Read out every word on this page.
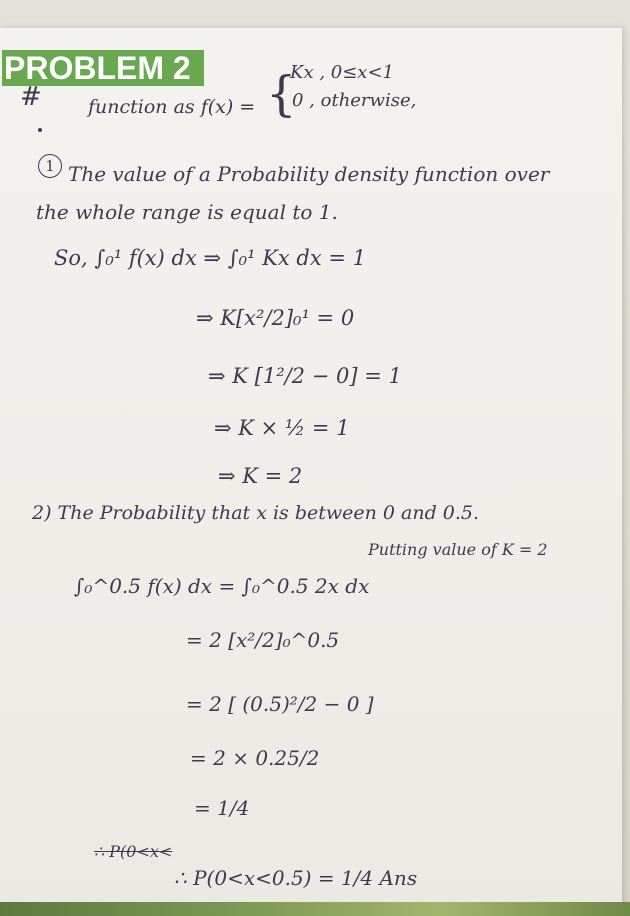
PROBLEM 2
# function as f(x) = {
Kx , 0≤x<1
0 , otherwise,
1 The value of a Probability density function over
the whole range is equal to 1.
So, ∫₀¹ f(x) dx ⇒ ∫₀¹ Kx dx = 1
⇒ K[x²/2]₀¹ = 0
⇒ K [1²/2 − 0] = 1
⇒ K × ½ = 1
⇒ K = 2
2) The Probability that x is between 0 and 0.5.
∫₀^0.5 f(x) dx = ∫₀^0.5 2x dx
Putting value of K = 2
= 2 [x²/2]₀^0.5
= 2 [ (0.5)²/2 − 0 ]
= 2 × 0.25/2
= 1/4
∴ P(0<x<
∴ P(0<x<0.5) = 1/4 Ans
